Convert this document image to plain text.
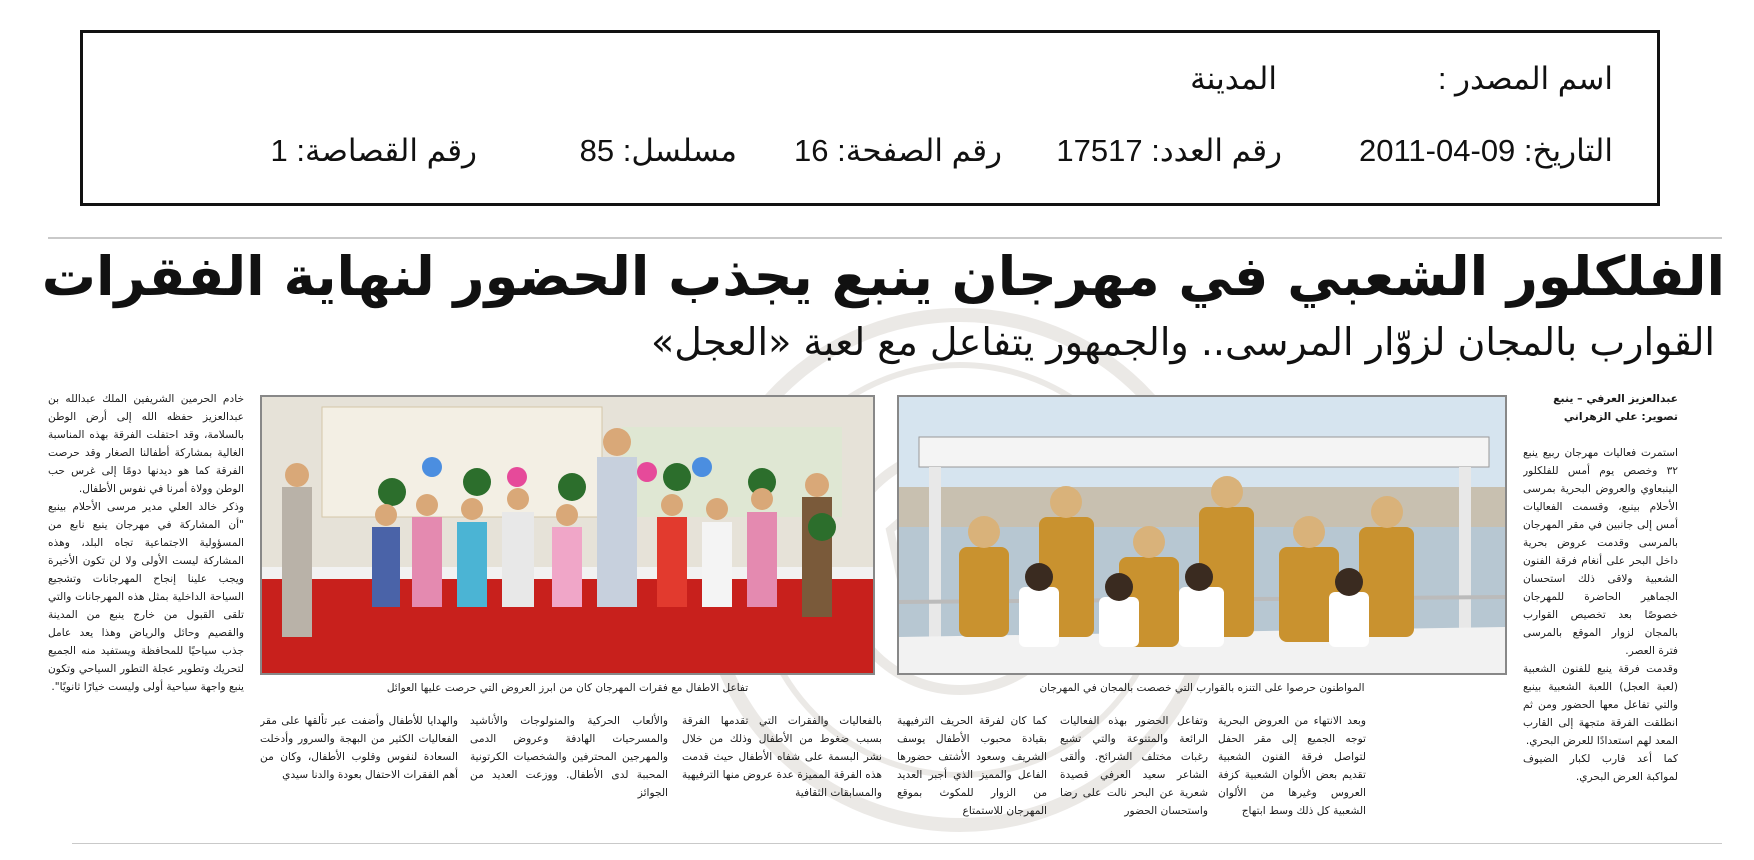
اسم المصدر :
المدينة
التاريخ: 09-04-2011
رقم العدد: 17517
رقم الصفحة: 16
مسلسل: 85
رقم القصاصة: 1
الفلكلور الشعبي في مهرجان ينبع يجذب الحضور لنهاية الفقرات
القوارب بالمجان لزوّار المرسى.. والجمهور يتفاعل مع لعبة «العجل»
عبدالعزيز العرفي – ينبع
تصوير: علي الزهراني
استمرت فعاليات مهرجان ربيع ينبع ٣٢ وخصص يوم أمس للفلكلور الينبعاوي والعروض البحرية بمرسى الأحلام بينبع، وقسمت الفعاليات أمس إلى جانبين في مقر المهرجان بالمرسى وقدمت عروض بحرية داخل البحر على أنغام فرقة الفنون الشعبية ولاقى ذلك استحسان الجماهير الحاضرة للمهرجان خصوصًا بعد تخصيص القوارب بالمجان لزوار الموقع بالمرسى فترة العصر.
وقدمت فرقة ينبع للفنون الشعبية (لعبة العجل) اللعبة الشعبية بينبع والتي تفاعل معها الحضور ومن ثم انطلقت الفرقة متجهة إلى القارب المعد لهم استعدادًا للعرض البحري.
كما أعد قارب لكبار الضيوف لمواكبة العرض البحري.
المواطنون حرصوا على التنزه بالقوارب التي خصصت بالمجان في المهرجان
تفاعل الاطفال مع فقرات المهرجان كان من ابرز العروض التي حرصت عليها العوائل
وبعد الانتهاء من العروض البحرية توجه الجميع إلى مقر الحفل لتواصل فرقة الفنون الشعبية تقديم بعض الألوان الشعبية كزفة العروس وغيرها من الألوان الشعبية كل ذلك وسط ابتهاج
وتفاعل الحضور بهذه الفعاليات الرائعة والمتنوعة والتي تشبع رغبات مختلف الشرائح. وألقى الشاعر سعيد العرفي قصيدة شعرية عن البحر نالت على رضا واستحسان الحضور
كما كان لفرقة الحريف الترفيهية بقيادة محبوب الأطفال يوسف الشريف وسعود الأشتف حضورها الفاعل والمميز الذي أجبر العديد من الزوار للمكوث بموقع المهرجان للاستمتاع
بالفعاليات والفقرات التي تقدمها الفرقة بسبب ضغوط من الأطفال وذلك من خلال نشر البسمة على شفاه الأطفال حيث قدمت هذه الفرقة المميزة عدة عروض منها الترفيهية والمسابقات الثقافية
والألعاب الحركية والمنولوجات والأناشيد والمسرحيات الهادفة وعروض الدمى والمهرجين المحترفين والشخصيات الكرتونية المحببة لدى الأطفال. ووزعت العديد من الجوائز
والهدايا للأطفال وأضفت عبر تألقها على مقر الفعاليات الكثير من البهجة والسرور وأدخلت السعادة لنفوس وقلوب الأطفال، وكان من أهم الفقرات الاحتفال بعودة والدنا سيدي
خادم الحرمين الشريفين الملك عبدالله بن عبدالعزيز حفظه الله إلى أرض الوطن بالسلامة، وقد احتفلت الفرقة بهذه المناسبة الغالية بمشاركة أطفالنا الصغار وقد حرصت الفرقة كما هو ديدنها دومًا إلى غرس حب الوطن وولاة أمرنا في نفوس الأطفال.
وذكر خالد العلي مدير مرسى الأحلام بينبع "أن المشاركة في مهرجان ينبع نابع من المسؤولية الاجتماعية تجاه البلد، وهذه المشاركة ليست الأولى ولا لن تكون الأخيرة ويجب علينا إنجاح المهرجانات وتشجيع السياحة الداخلية بمثل هذه المهرجانات والتي تلقى القبول من خارج ينبع من المدينة والقصيم وحائل والرياض وهذا يعد عامل جذب سياحيًا للمحافظة ويستفيد منه الجميع لتحريك وتطوير عجلة التطور السياحي وتكون ينبع واجهة سياحية أولى وليست خيارًا ثانويًا".
